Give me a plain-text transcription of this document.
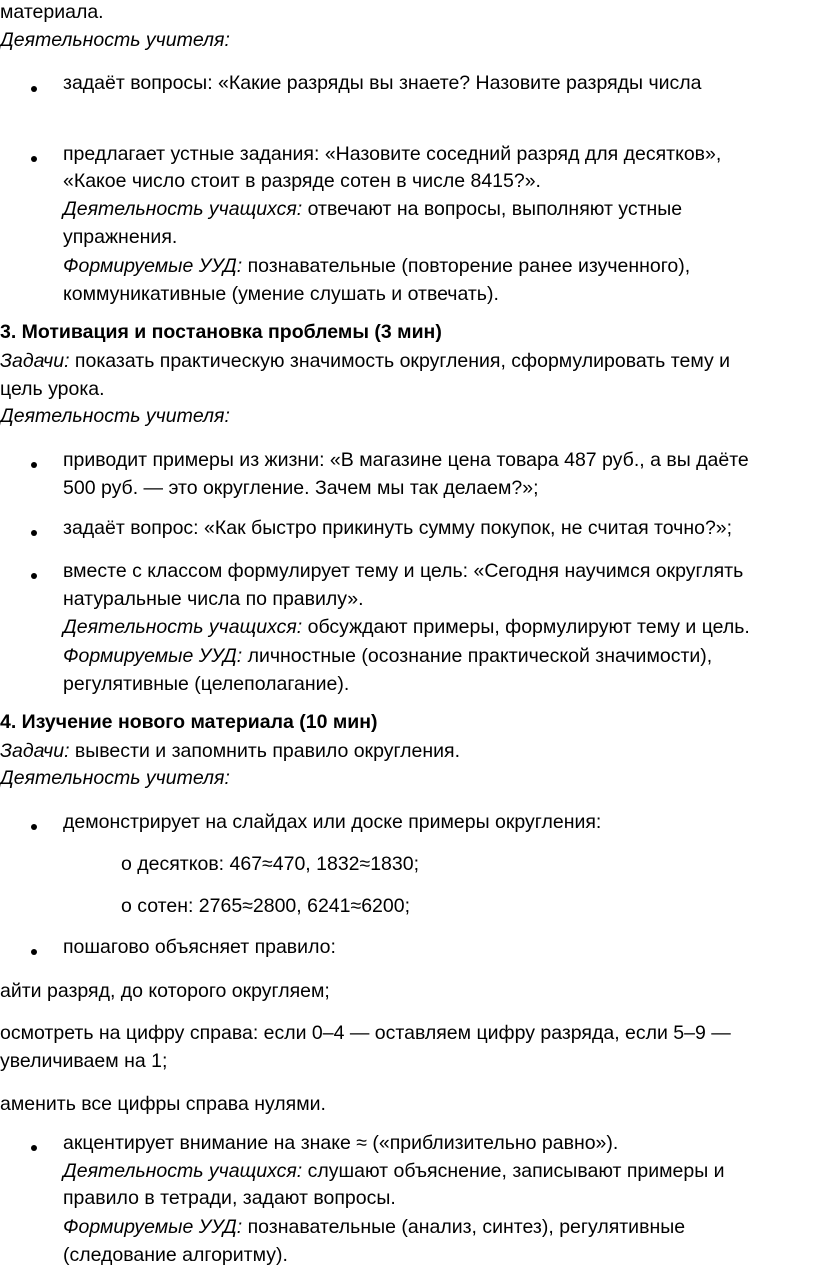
материала.
Деятельность учителя:
задаёт вопросы: «Какие разряды вы знаете? Назовите разряды числа
предлагает устные задания: «Назовите соседний разряд для десятков»,
«Какое число стоит в разряде сотен в числе 8415?».
Деятельность учащихся: отвечают на вопросы, выполняют устные
упражнения.
Формируемые УУД: познавательные (повторение ранее изученного),
коммуникативные (умение слушать и отвечать).
3. Мотивация и постановка проблемы (3 мин)
Задачи: показать практическую значимость округления, сформулировать тему и
цель урока.
Деятельность учителя:
приводит примеры из жизни: «В магазине цена товара 487 руб., а вы даёте
500 руб. — это округление. Зачем мы так делаем?»;
задаёт вопрос: «Как быстро прикинуть сумму покупок, не считая точно?»;
вместе с классом формулирует тему и цель: «Сегодня научимся округлять
натуральные числа по правилу».
Деятельность учащихся: обсуждают примеры, формулируют тему и цель.
Формируемые УУД: личностные (осознание практической значимости),
регулятивные (целеполагание).
4. Изучение нового материала (10 мин)
Задачи: вывести и запомнить правило округления.
Деятельность учителя:
демонстрирует на слайдах или доске примеры округления:
о десятков: 467≈470, 1832≈1830;
о сотен: 2765≈2800, 6241≈6200;
пошагово объясняет правило:
айти разряд, до которого округляем;
осмотреть на цифру справа: если 0–4 — оставляем цифру разряда, если 5–9 —
увеличиваем на 1;
аменить все цифры справа нулями.
акцентирует внимание на знаке ≈ («приблизительно равно»).
Деятельность учащихся: слушают объяснение, записывают примеры и
правило в тетради, задают вопросы.
Формируемые УУД: познавательные (анализ, синтез), регулятивные
(следование алгоритму).
